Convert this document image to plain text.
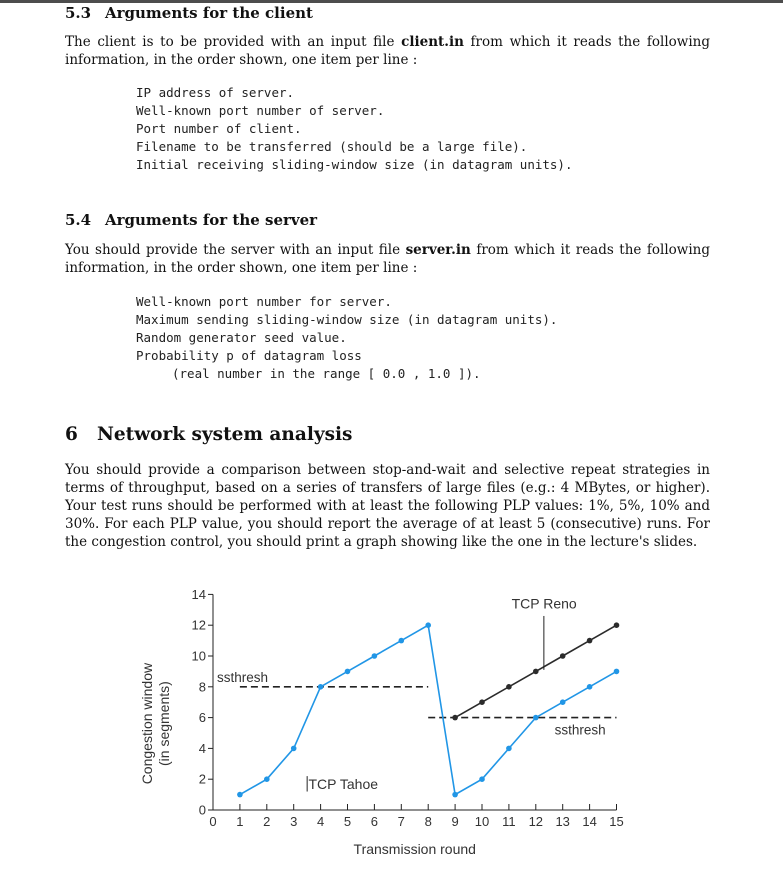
5.3 Arguments for the client
The client is to be provided with an input file client.in from which it reads the following information, in the order shown, one item per line :
IP address of server.
Well-known port number of server.
Port number of client.
Filename to be transferred (should be a large file).
Initial receiving sliding-window size (in datagram units).
5.4 Arguments for the server
You should provide the server with an input file server.in from which it reads the following information, in the order shown, one item per line :
Well-known port number for server.
Maximum sending sliding-window size (in datagram units).
Random generator seed value.
Probability p of datagram loss
(real number in the range [ 0.0 , 1.0 ]).
6 Network system analysis
You should provide a comparison between stop-and-wait and selective repeat strategies in terms of throughput, based on a series of transfers of large files (e.g.: 4 MBytes, or higher). Your test runs should be performed with at least the following PLP values: 1%, 5%, 10% and 30%. For each PLP value, you should report the average of at least 5 (consecutive) runs. For the congestion control, you should print a graph showing like the one in the lecture's slides.
0
2
4
6
8
10
12
14
0 1 2 3 4 5 6 7 8 9 10 11 12 13 14 15
Transmission round
Congestion window (in segments)
ssthresh
ssthresh
TCP Tahoe
TCP Reno
